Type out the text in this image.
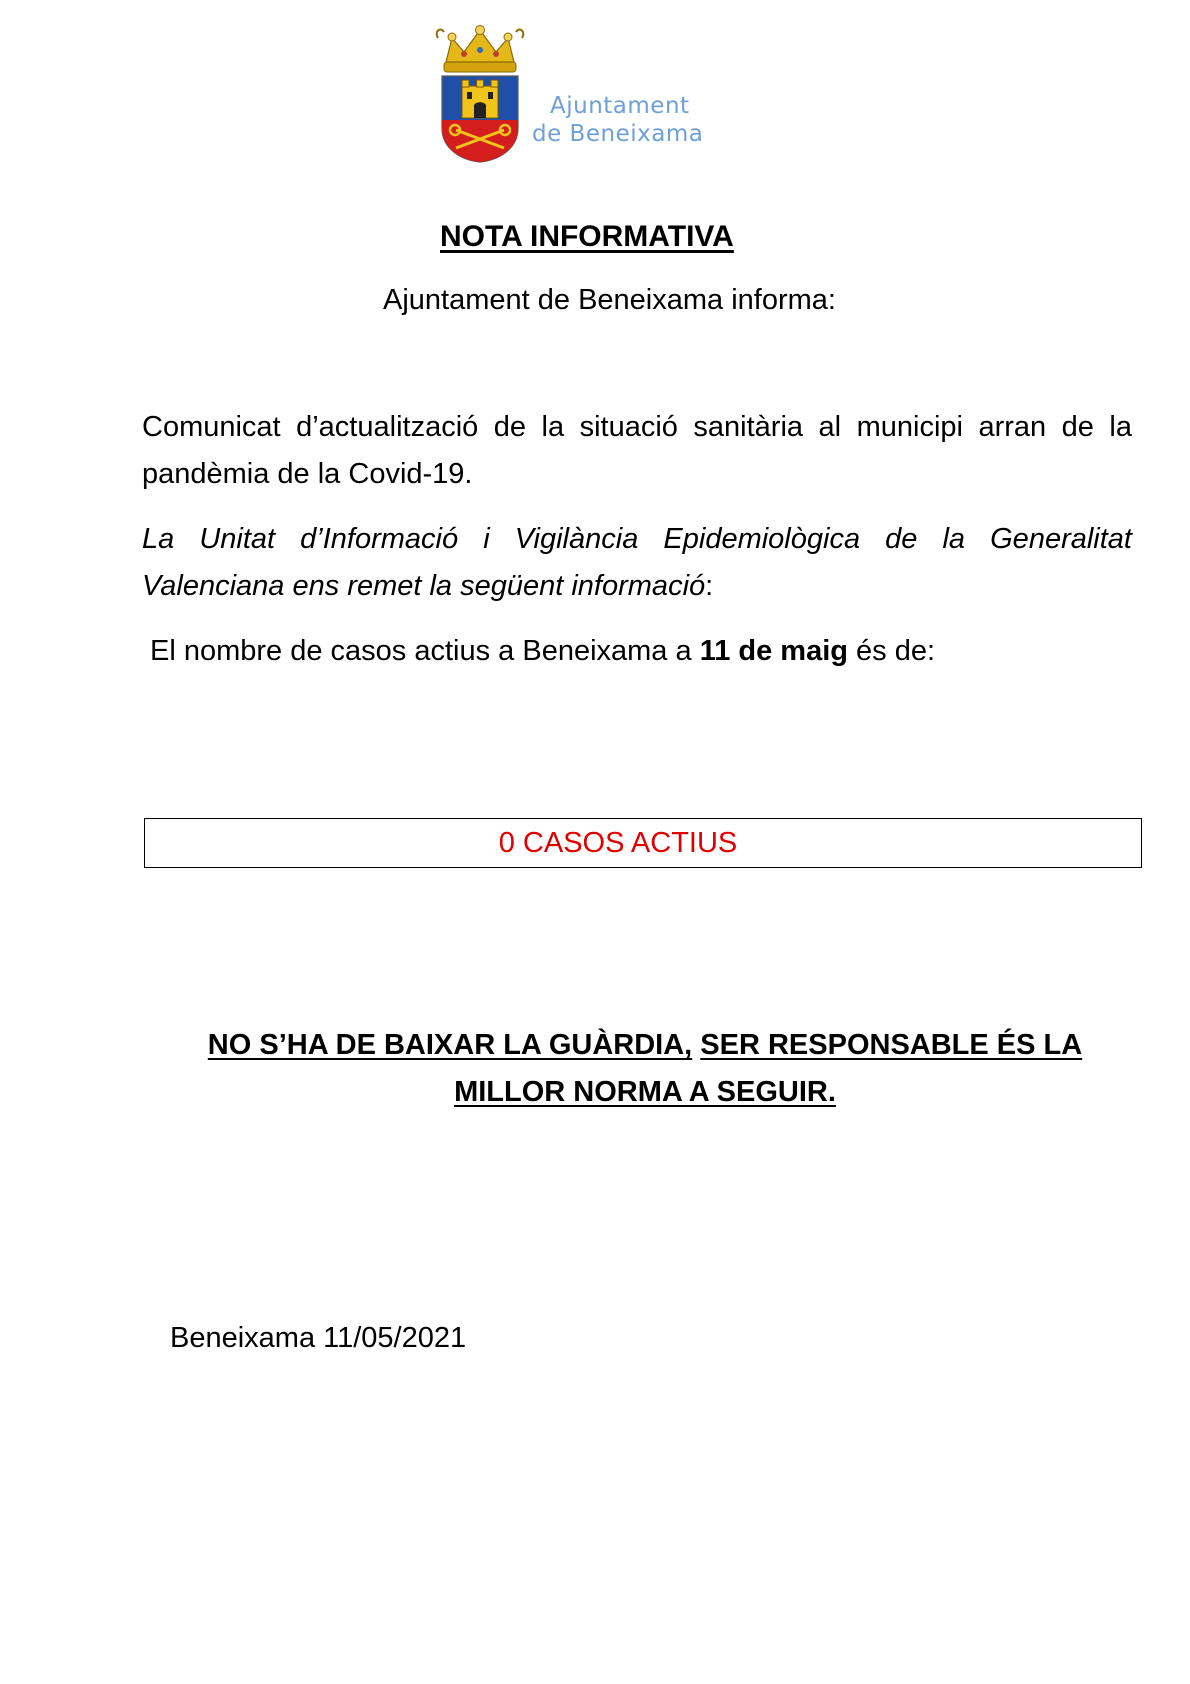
Ajuntament
de Beneixama
NOTA INFORMATIVA
Ajuntament de Beneixama informa:
Comunicat d’actualització de la situació sanitària al municipi arran de la pandèmia de la Covid-19.
La Unitat d’Informació i Vigilància Epidemiològica de la Generalitat Valenciana ens remet la següent informació:
El nombre de casos actius a Beneixama a 11 de maig és de:
0 CASOS ACTIUS
NO S’HA DE BAIXAR LA GUÀRDIA, SER RESPONSABLE ÉS LA MILLOR NORMA A SEGUIR.
Beneixama 11/05/2021
